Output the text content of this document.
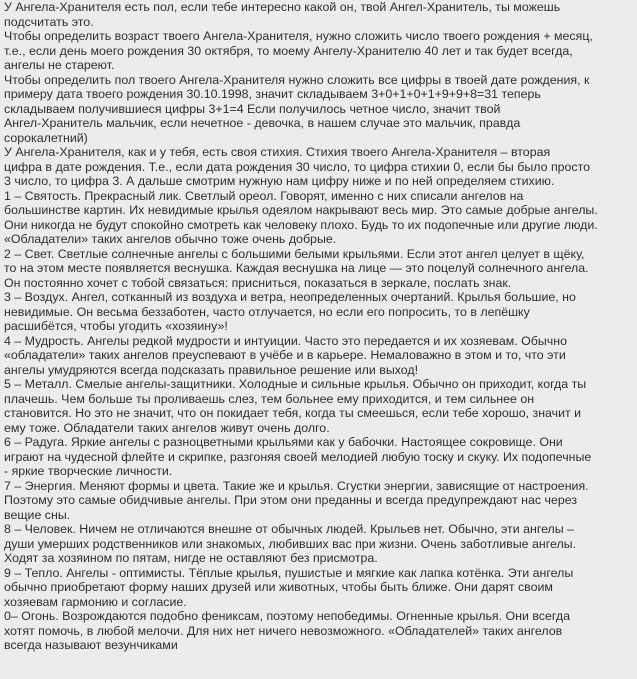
У Ангела-Хранителя есть пол, если тебе интересно какой он, твой Ангел-Хранитель, ты можешь
подсчитать это.
Чтобы определить возраст твоего Ангела-Хранителя, нужно сложить число твоего рождения + месяц,
т.е., если день моего рождения 30 октября, то моему Ангелу-Хранителю 40 лет и так будет всегда,
ангелы не стареют.
Чтобы определить пол твоего Ангела-Хранителя нужно сложить все цифры в твоей дате рождения, к
примеру дата твоего рождения 30.10.1998, значит складываем 3+0+1+0+1+9+9+8=31 теперь
складываем получившиеся цифры 3+1=4 Если получилось четное число, значит твой
Ангел-Хранитель мальчик, если нечетное - девочка, в нашем случае это мальчик, правда
сорокалетний)
У Ангела-Хранителя, как и у тебя, есть своя стихия. Стихия твоего Ангела-Хранителя – вторая
цифра в дате рождения. Т.е., если дата рождения 30 число, то цифра стихии 0, если бы было просто
3 число, то цифра 3. А дальше смотрим нужную нам цифру ниже и по ней определяем стихию.
1 – Святость. Прекрасный лик. Светлый ореол. Говорят, именно с них списали ангелов на
большинстве картин. Их невидимые крылья одеялом накрывают весь мир. Это самые добрые ангелы.
Они никогда не будут спокойно смотреть как человеку плохо. Будь то их подопечные или другие люди.
«Обладатели» таких ангелов обычно тоже очень добрые.
2 – Свет. Светлые солнечные ангелы с большими белыми крыльями. Если этот ангел целует в щёку,
то на этом месте появляется веснушка. Каждая веснушка на лице — это поцелуй солнечного ангела.
Он постоянно хочет с тобой связаться: присниться, показаться в зеркале, послать знак.
3 – Воздух. Ангел, сотканный из воздуха и ветра, неопределенных очертаний. Крылья большие, но
невидимые. Он весьма беззаботен, часто отлучается, но если его попросить, то в лепёшку
расшибётся, чтобы угодить «хозяину»!
4 – Мудрость. Ангелы редкой мудрости и интуиции. Часто это передается и их хозяевам. Обычно
«обладатели» таких ангелов преуспевают в учёбе и в карьере. Немаловажно в этом и то, что эти
ангелы умудряются всегда подсказать правильное решение или выход!
5 – Металл. Смелые ангелы-защитники. Холодные и сильные крылья. Обычно он приходит, когда ты
плачешь. Чем больше ты проливаешь слез, тем больнее ему приходится, и тем сильнее он
становится. Но это не значит, что он покидает тебя, когда ты смеешься, если тебе хорошо, значит и
ему тоже. Обладатели таких ангелов живут очень долго.
6 – Радуга. Яркие ангелы с разноцветными крыльями как у бабочки. Настоящее сокровище. Они
играют на чудесной флейте и скрипке, разгоняя своей мелодией любую тоску и скуку. Их подопечные
- яркие творческие личности.
7 – Энергия. Меняют формы и цвета. Такие же и крылья. Сгустки энергии, зависящие от настроения.
Поэтому это самые обидчивые ангелы. При этом они преданны и всегда предупреждают нас через
вещие сны.
8 – Человек. Ничем не отличаются внешне от обычных людей. Крыльев нет. Обычно, эти ангелы –
души умерших родственников или знакомых, любивших вас при жизни. Очень заботливые ангелы.
Ходят за хозяином по пятам, нигде не оставляют без присмотра.
9 – Тепло. Ангелы - оптимисты. Тёплые крылья, пушистые и мягкие как лапка котёнка. Эти ангелы
обычно приобретают форму наших друзей или животных, чтобы быть ближе. Они дарят своим
хозяевам гармонию и согласие.
0– Огонь. Возрождаются подобно фениксам, поэтому непобедимы. Огненные крылья. Они всегда
хотят помочь, в любой мелочи. Для них нет ничего невозможного. «Обладателей» таких ангелов
всегда называют везунчиками
